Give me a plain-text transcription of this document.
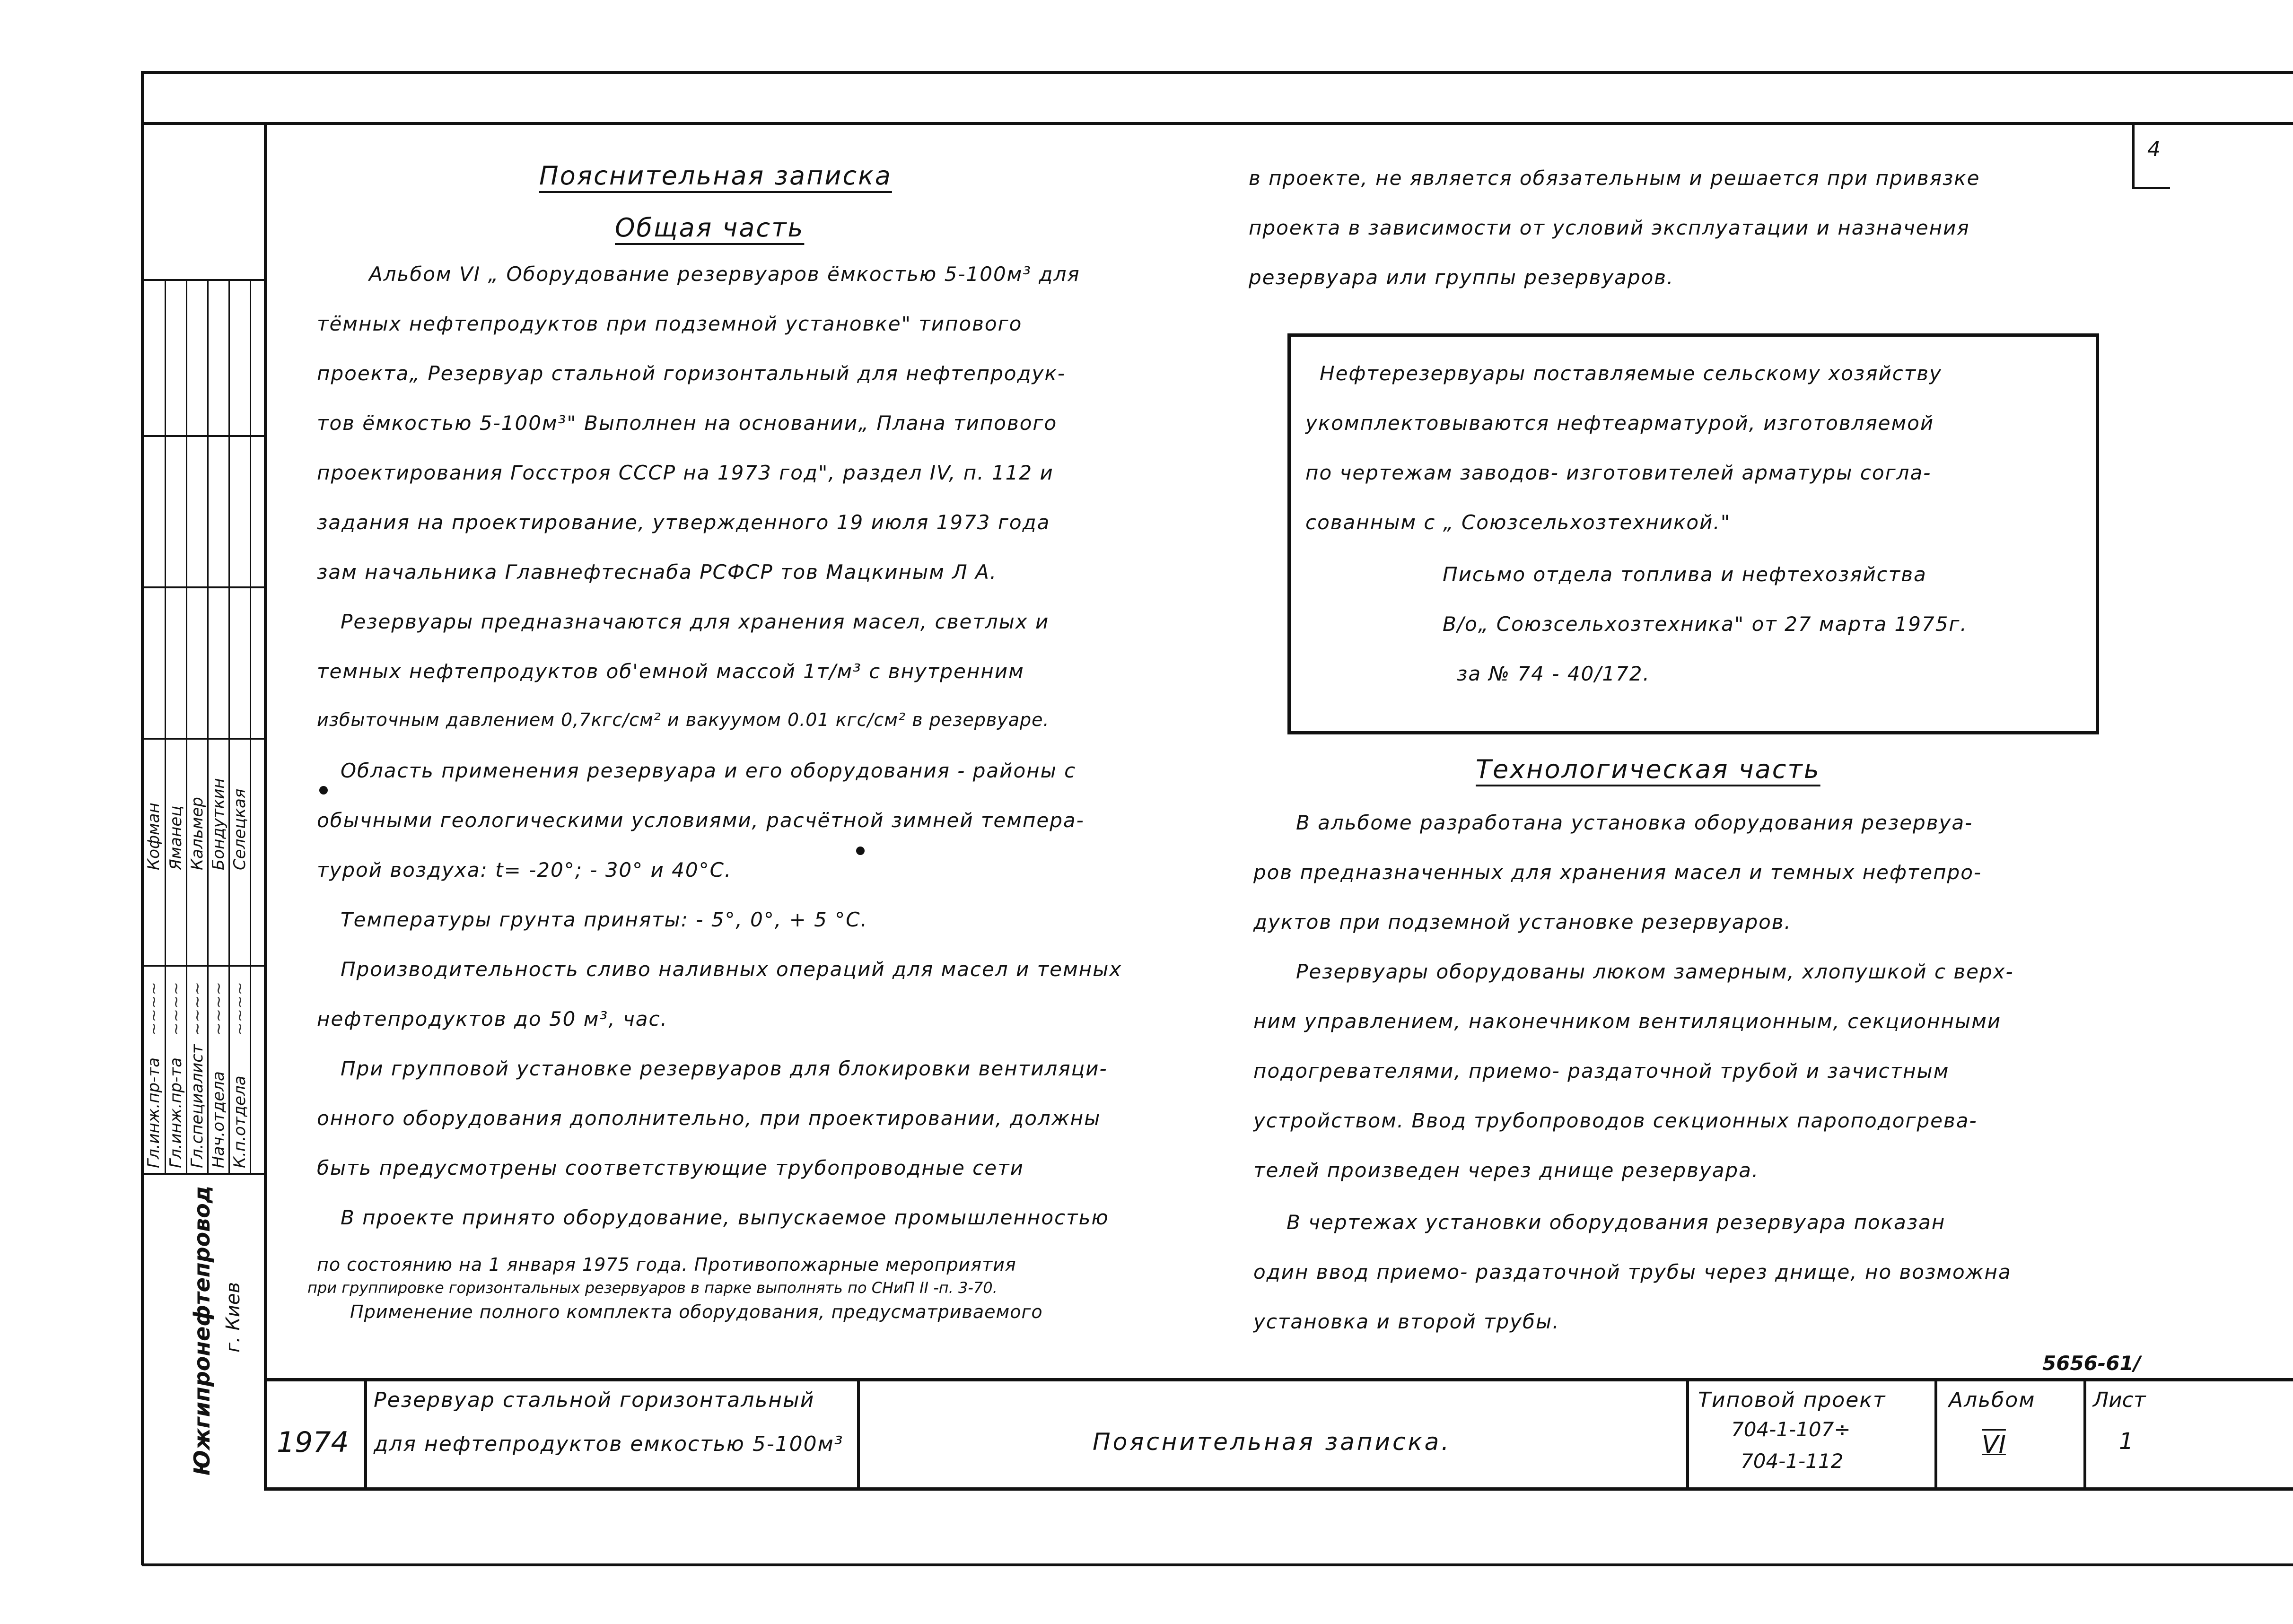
4
Гл.инж.пр-та Гл.инж.пр-та Гл.специалист Нач.отдела К.п.отдела
~~~~ ~~~~ ~~~~ ~~~~ ~~~~
Кофман Яманец Кальмер Бондуткин Селецкая
Южгипронефтепровод г. Киев
Пояснительная записка
Общая часть
Альбом VI „ Оборудование резервуаров ёмкостью 5-100м³ для
тёмных нефтепродуктов при подземной установке" типового
проекта„ Резервуар стальной горизонтальный для нефтепродук-
тов ёмкостью 5-100м³" Выполнен на основании„ Плана типового
проектирования Госстроя СССР на 1973 год", раздел IV, п. 112 и
задания на проектирование, утвержденного 19 июля 1973 года
зам начальника Главнефтеснаба РСФСР тов Мацкиным Л А.
Резервуары предназначаются для хранения масел, светлых и
темных нефтепродуктов об'емной массой 1т/м³ с внутренним
избыточным давлением 0,7кгс/см² и вакуумом 0.01 кгс/см² в резервуаре.
Область применения резервуара и его оборудования - районы с
обычными геологическими условиями, расчётной зимней темпера-
турой воздуха: t= -20°; - 30° и 40°С.
Температуры грунта приняты: - 5°, 0°, + 5 °С.
Производительность сливо наливных операций для масел и темных
нефтепродуктов до 50 м³, час.
При групповой установке резервуаров для блокировки вентиляци-
онного оборудования дополнительно, при проектировании, должны
быть предусмотрены соответствующие трубопроводные сети
В проекте принято оборудование, выпускаемое промышленностью
по состоянию на 1 января 1975 года. Противопожарные мероприятия
при группировке горизонтальных резервуаров в парке выполнять по СНиП II -п. 3-70.
Применение полного комплекта оборудования, предусматриваемого
в проекте, не является обязательным и решается при привязке
проекта в зависимости от условий эксплуатации и назначения
резервуара или группы резервуаров.
Нефтерезервуары поставляемые сельскому хозяйству
укомплектовываются нефтеарматурой, изготовляемой
по чертежам заводов- изготовителей арматуры согла-
сованным с „ Союзсельхозтехникой."
Письмо отдела топлива и нефтехозяйства
В/о„ Союзсельхозтехника" от 27 марта 1975г.
за № 74 - 40/172.
Технологическая часть
В альбоме разработана установка оборудования резервуа-
ров предназначенных для хранения масел и темных нефтепро-
дуктов при подземной установке резервуаров.
Резервуары оборудованы люком замерным, хлопушкой с верх-
ним управлением, наконечником вентиляционным, секционными
подогревателями, приемо- раздаточной трубой и зачистным
устройством. Ввод трубопроводов секционных пароподогрева-
телей произведен через днище резервуара.
В чертежах установки оборудования резервуара показан
один ввод приемо- раздаточной трубы через днище, но возможна
установка и второй трубы.
5656-61/
1974
Резервуар стальной горизонтальный
для нефтепродуктов емкостью 5-100м³	Пояснительная записка.
Типовой проект
704-1-107÷
704-1-112
Альбом
VI
Лист
1
